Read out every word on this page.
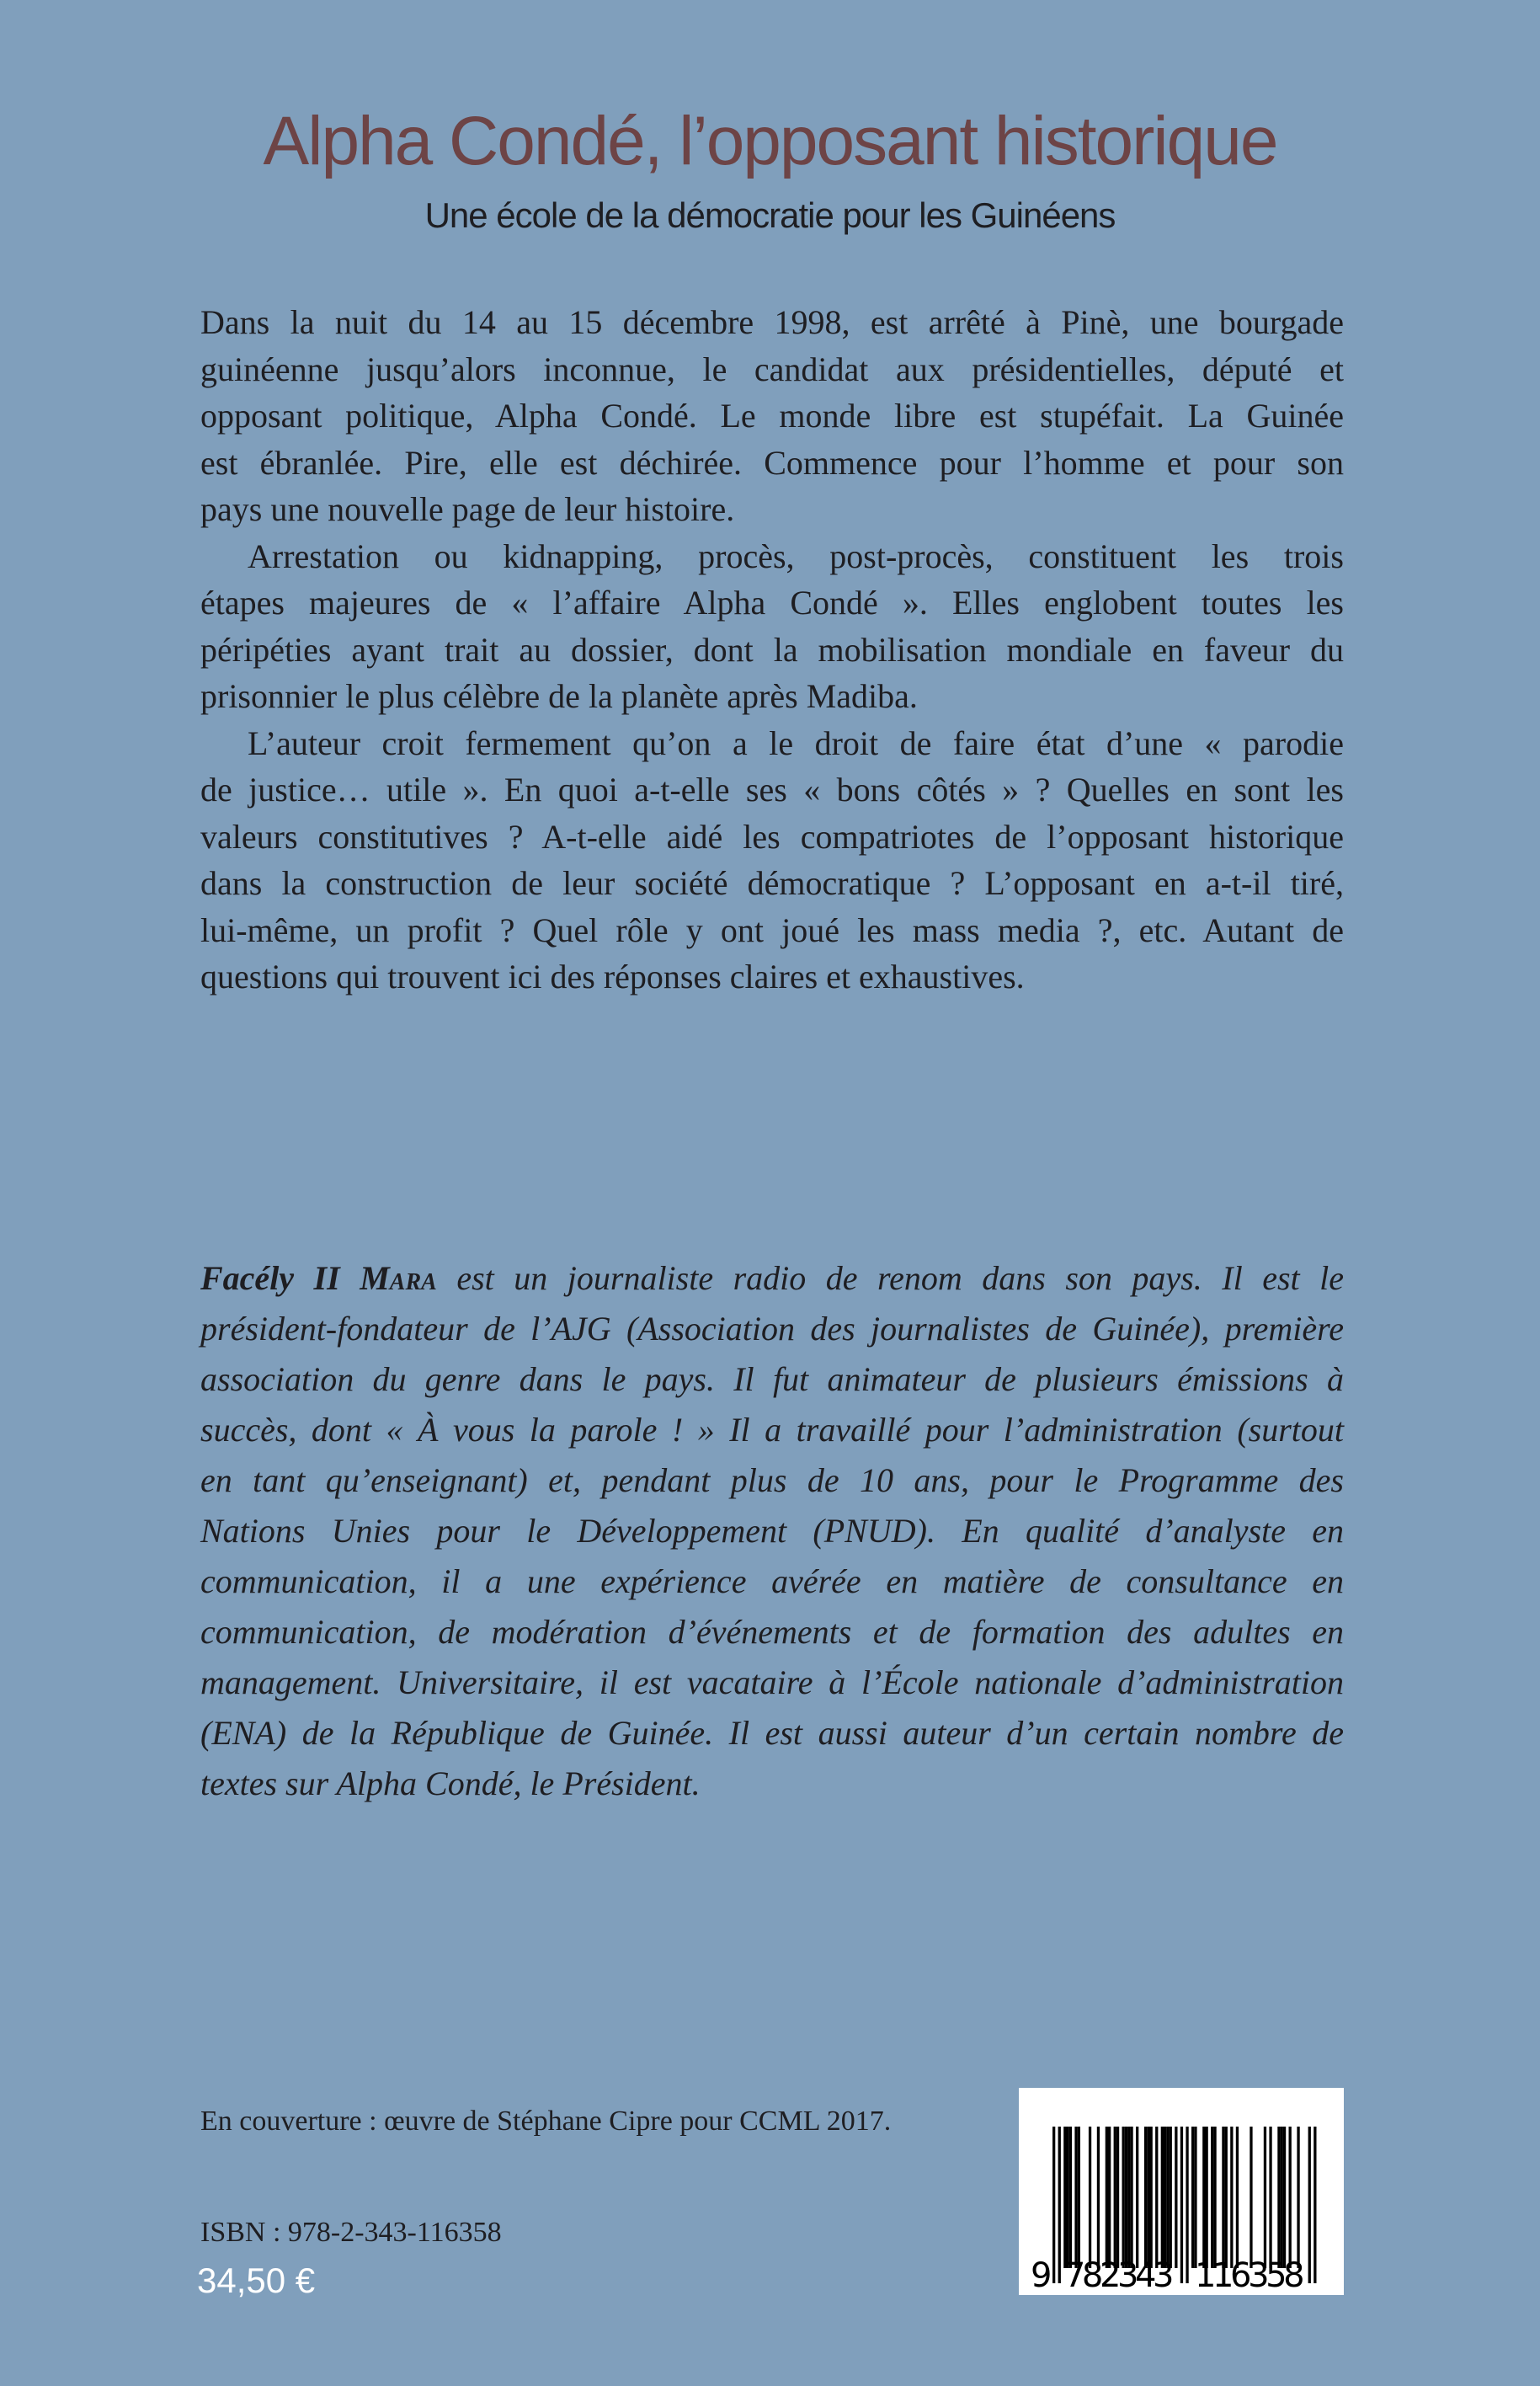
Alpha Condé, l’opposant historique
Une école de la démocratie pour les Guinéens
Dans la nuit du 14 au 15 décembre 1998, est arrêté à Pinè, une bourgade
guinéenne jusqu’alors inconnue, le candidat aux présidentielles, député et
opposant politique, Alpha Condé. Le monde libre est stupéfait. La Guinée
est ébranlée. Pire, elle est déchirée. Commence pour l’homme et pour son
pays une nouvelle page de leur histoire.
Arrestation ou kidnapping, procès, post-procès, constituent les trois
étapes majeures de « l’affaire Alpha Condé ». Elles englobent toutes les
péripéties ayant trait au dossier, dont la mobilisation mondiale en faveur du
prisonnier le plus célèbre de la planète après Madiba.
L’auteur croit fermement qu’on a le droit de faire état d’une « parodie
de justice… utile ». En quoi a-t-elle ses « bons côtés » ? Quelles en sont les
valeurs constitutives ? A-t-elle aidé les compatriotes de l’opposant historique
dans la construction de leur société démocratique ? L’opposant en a-t-il tiré,
lui-même, un profit ? Quel rôle y ont joué les mass media ?, etc. Autant de
questions qui trouvent ici des réponses claires et exhaustives.
Facély II Mara est un journaliste radio de renom dans son pays. Il est le
président-fondateur de l’AJG (Association des journalistes de Guinée), première
association du genre dans le pays. Il fut animateur de plusieurs émissions à
succès, dont « À vous la parole ! » Il a travaillé pour l’administration (surtout
en tant qu’enseignant) et, pendant plus de 10 ans, pour le Programme des
Nations Unies pour le Développement (PNUD). En qualité d’analyste en
communication, il a une expérience avérée en matière de consultance en
communication, de modération d’événements et de formation des adultes en
management. Universitaire, il est vacataire à l’École nationale d’administration
(ENA) de la République de Guinée. Il est aussi auteur d’un certain nombre de
textes sur Alpha Condé, le Président.
En couverture : œuvre de Stéphane Cipre pour CCML 2017.
ISBN : 978-2-343-116358
34,50 €	9 782343 116358
